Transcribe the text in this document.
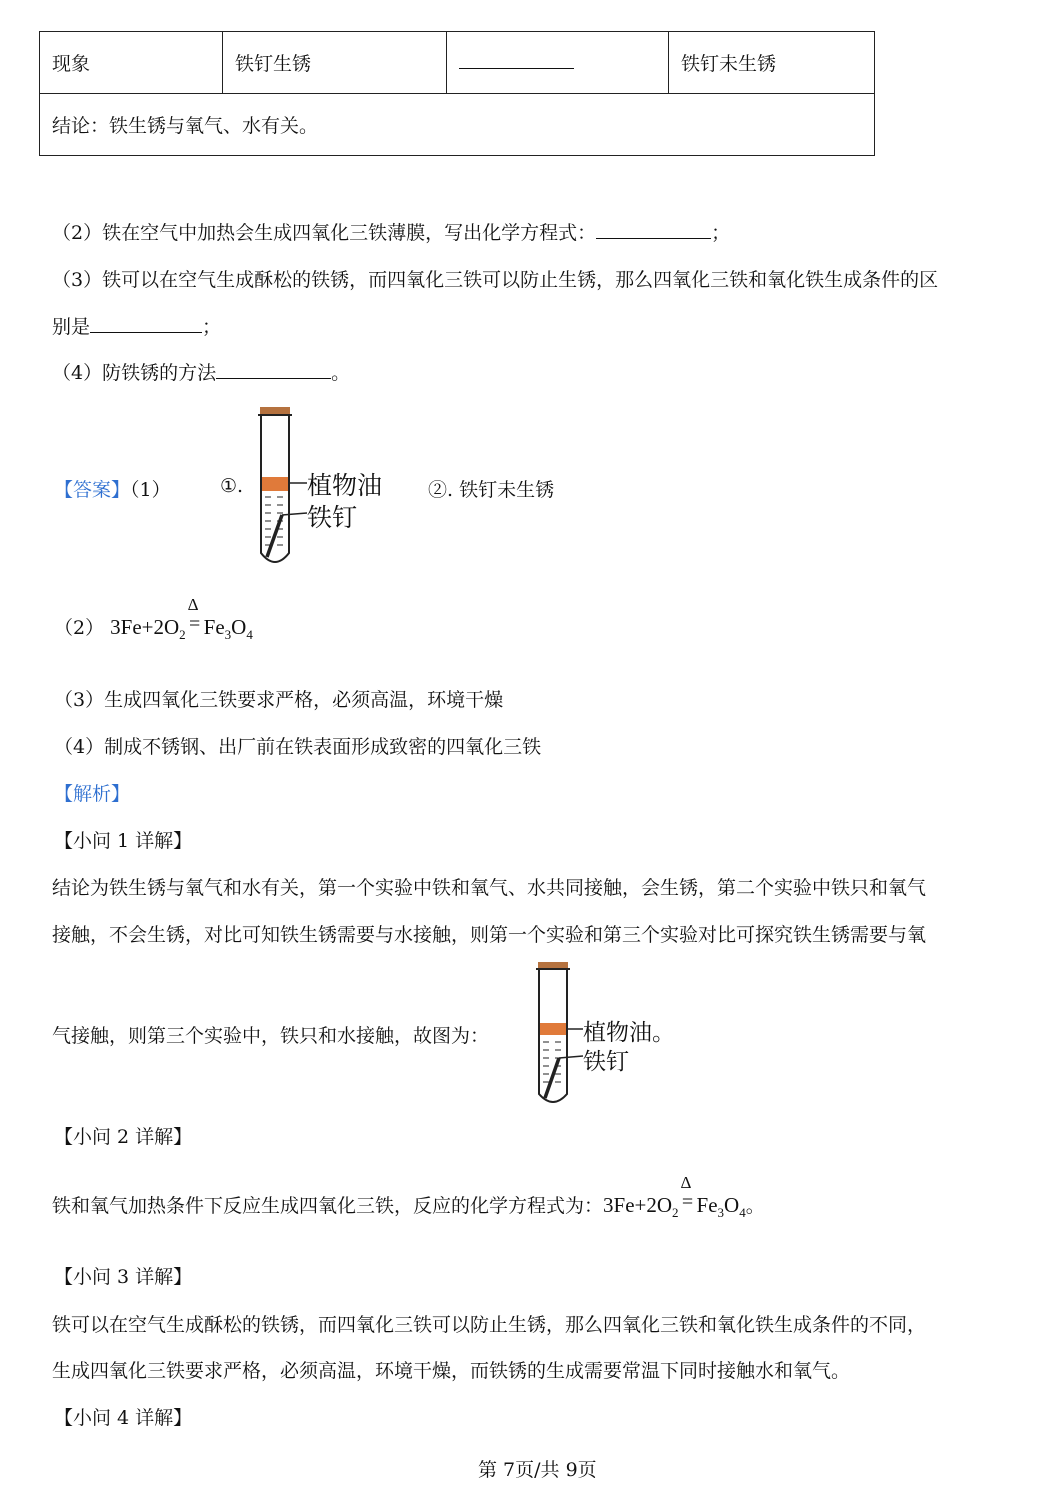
现象	铁钉生锈		铁钉未生锈
结论：铁生锈与氧气、水有关。
（2）铁在空气中加热会生成四氧化三铁薄膜，写出化学方程式：	；
（3）铁可以在空气生成酥松的铁锈，而四氧化三铁可以防止生锈，那么四氧化三铁和氧化铁生成条件的区
别是	；
（4）防铁锈的方法	。
【答案】（1）	①.	植物油
铁钉
②. 铁钉未生锈
（2） $3Fe+2O_2$
Δ
= $Fe_3O_4$
（3）生成四氧化三铁要求严格，必须高温，环境干燥
（4）制成不锈钢、出厂前在铁表面形成致密的四氧化三铁
【解析】
【小问 1 详解】
结论为铁生锈与氧气和水有关，第一个实验中铁和氧气、水共同接触，会生锈，第二个实验中铁只和氧气
接触，不会生锈，对比可知铁生锈需要与水接触，则第一个实验和第三个实验对比可探究铁生锈需要与氧
气接触，则第三个实验中，铁只和水接触，故图为：	植物油。
铁钉
【小问 2 详解】
铁和氧气加热条件下反应生成四氧化三铁，反应的化学方程式为：$3Fe+2O_2$
Δ
= $Fe_3O_4$。
【小问 3 详解】
铁可以在空气生成酥松的铁锈，而四氧化三铁可以防止生锈，那么四氧化三铁和氧化铁生成条件的不同，
生成四氧化三铁要求严格，必须高温，环境干燥，而铁锈的生成需要常温下同时接触水和氧气。
【小问 4 详解】
第 7页/共 9页
